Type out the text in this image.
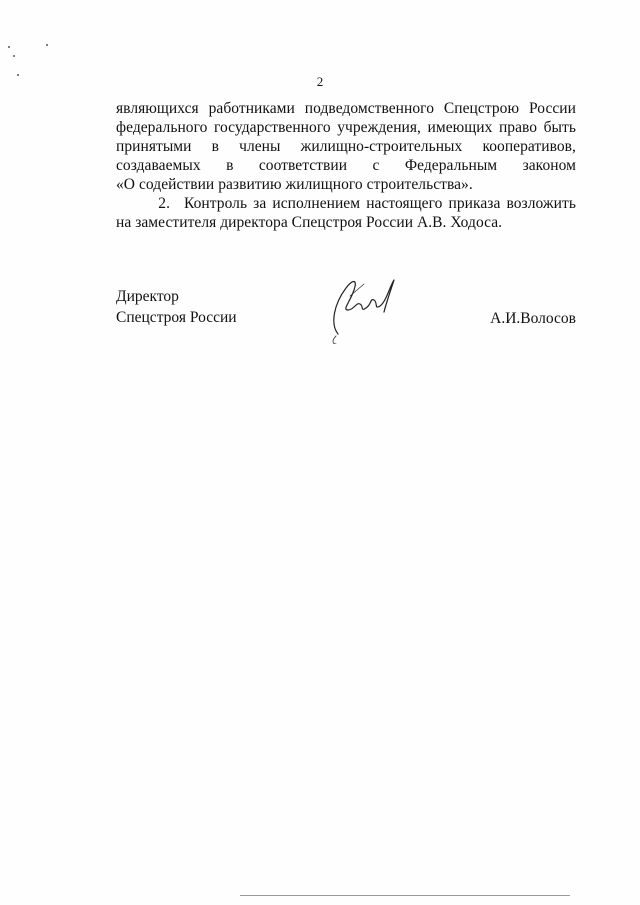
2
являющихся работниками подведомственного Спецстрою России
федерального государственного учреждения, имеющих право быть
принятыми в члены жилищно-строительных кооперативов,
создаваемых в соответствии с Федеральным законом
«О содействии развитию жилищного строительства».
2. Контроль за исполнением настоящего приказа возложить
на заместителя директора Спецстроя России А.В. Ходоса.
Директор
Спецстроя России	А.И.Волосов
